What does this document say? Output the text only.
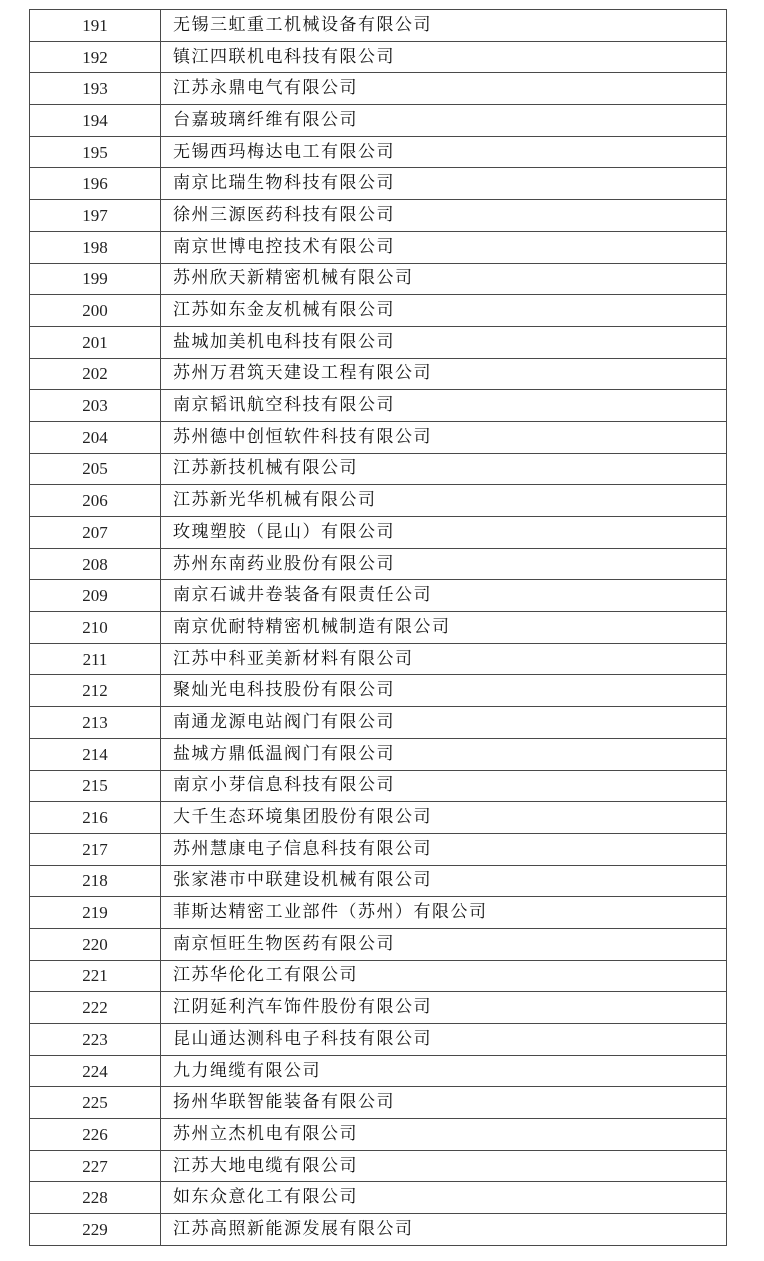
191	无锡三虹重工机械设备有限公司
192	镇江四联机电科技有限公司
193	江苏永鼎电气有限公司
194	台嘉玻璃纤维有限公司
195	无锡西玛梅达电工有限公司
196	南京比瑞生物科技有限公司
197	徐州三源医药科技有限公司
198	南京世博电控技术有限公司
199	苏州欣天新精密机械有限公司
200	江苏如东金友机械有限公司
201	盐城加美机电科技有限公司
202	苏州万君筑天建设工程有限公司
203	南京韬讯航空科技有限公司
204	苏州德中创恒软件科技有限公司
205	江苏新技机械有限公司
206	江苏新光华机械有限公司
207	玫瑰塑胶（昆山）有限公司
208	苏州东南药业股份有限公司
209	南京石诚井卷装备有限责任公司
210	南京优耐特精密机械制造有限公司
211	江苏中科亚美新材料有限公司
212	聚灿光电科技股份有限公司
213	南通龙源电站阀门有限公司
214	盐城方鼎低温阀门有限公司
215	南京小芽信息科技有限公司
216	大千生态环境集团股份有限公司
217	苏州慧康电子信息科技有限公司
218	张家港市中联建设机械有限公司
219	菲斯达精密工业部件（苏州）有限公司
220	南京恒旺生物医药有限公司
221	江苏华伦化工有限公司
222	江阴延利汽车饰件股份有限公司
223	昆山通达测科电子科技有限公司
224	九力绳缆有限公司
225	扬州华联智能装备有限公司
226	苏州立杰机电有限公司
227	江苏大地电缆有限公司
228	如东众意化工有限公司
229	江苏高照新能源发展有限公司
